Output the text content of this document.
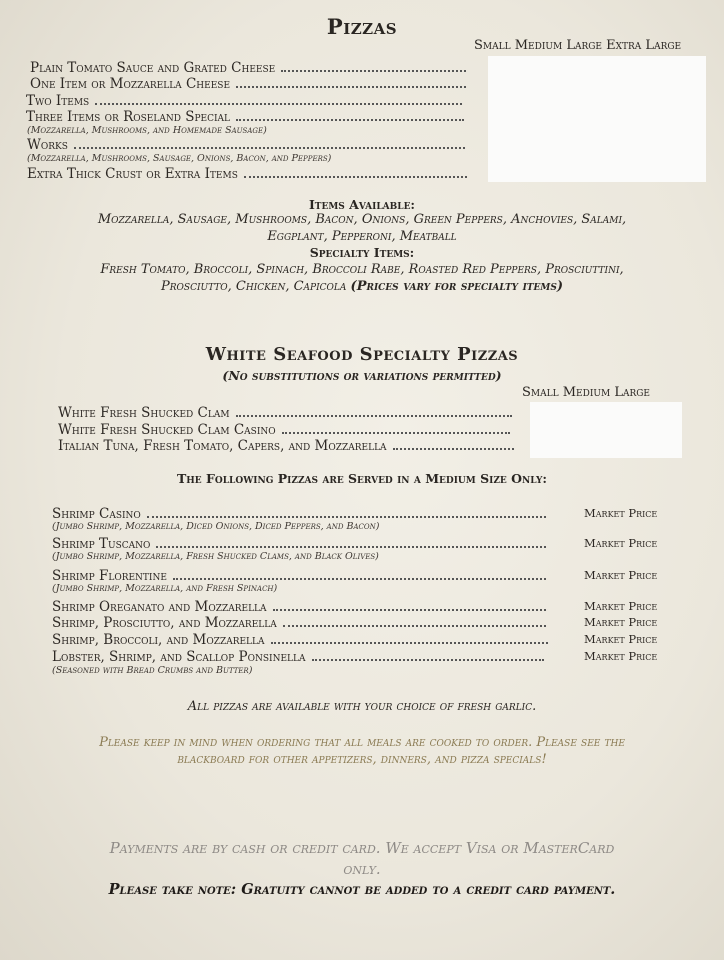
Pizzas
Small Medium Large Extra Large
Plain Tomato Sauce and Grated Cheese
One Item or Mozzarella Cheese
Two Items
Three Items or Roseland Special
(Mozzarella, Mushrooms, and Homemade Sausage)
Works
(Mozzarella, Mushrooms, Sausage, Onions, Bacon, and Peppers)
Extra Thick Crust or Extra Items
Items Available:
Mozzarella, Sausage, Mushrooms, Bacon, Onions, Green Peppers, Anchovies, Salami,
Eggplant, Pepperoni, Meatball
Specialty Items:
Fresh Tomato, Broccoli, Spinach, Broccoli Rabe, Roasted Red Peppers, Prosciuttini,
Prosciutto, Chicken, Capicola (Prices vary for specialty items)
White Seafood Specialty Pizzas
(No substitutions or variations permitted)
Small Medium Large
White Fresh Shucked Clam
White Fresh Shucked Clam Casino
Italian Tuna, Fresh Tomato, Capers, and Mozzarella
The Following Pizzas are Served in a Medium Size Only:
Shrimp Casino	Market Price
(Jumbo Shrimp, Mozzarella, Diced Onions, Diced Peppers, and Bacon)
Shrimp Tuscano	Market Price
(Jumbo Shrimp, Mozzarella, Fresh Shucked Clams, and Black Olives)
Shrimp Florentine	Market Price
(Jumbo Shrimp, Mozzarella, and Fresh Spinach)
Shrimp Oreganato and Mozzarella	Market Price
Shrimp, Prosciutto, and Mozzarella	Market Price
Shrimp, Broccoli, and Mozzarella	Market Price
Lobster, Shrimp, and Scallop Ponsinella	Market Price
(Seasoned with Bread Crumbs and Butter)
All pizzas are available with your choice of fresh garlic.
Please keep in mind when ordering that all meals are cooked to order. Please see the
blackboard for other appetizers, dinners, and pizza specials!
Payments are by cash or credit card. We accept Visa or MasterCard
only.
Please take note: Gratuity cannot be added to a credit card payment.
